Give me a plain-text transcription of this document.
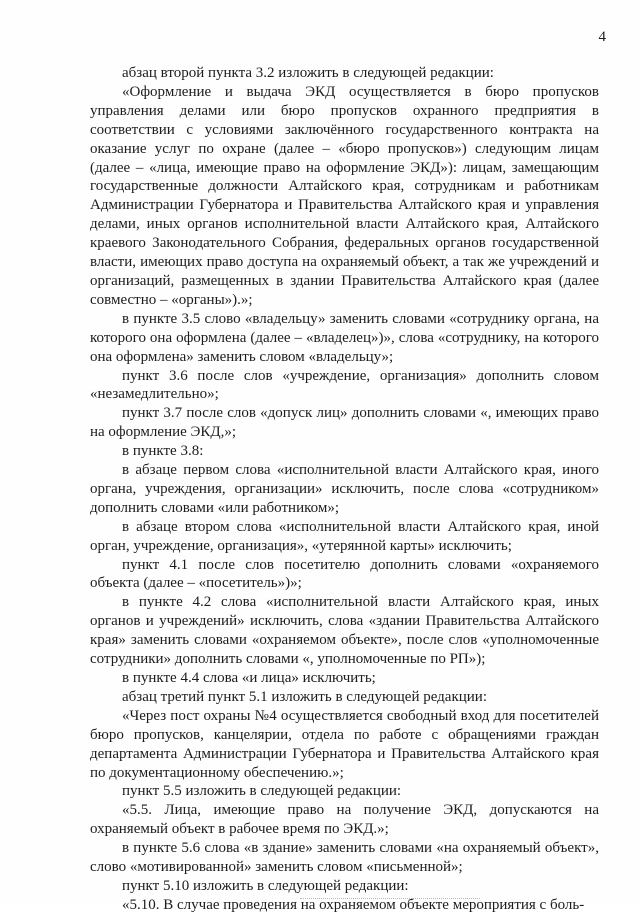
4

абзац второй пункта 3.2 изложить в следующей редакции:

«Оформление и выдача ЭКД осуществляется в бюро пропусков управления делами или бюро пропусков охранного предприятия в соответствии с условиями заключённого государственного контракта на оказание услуг по охране (далее – «бюро пропусков») следующим лицам (далее – «лица, имеющие право на оформление ЭКД»): лицам, замещающим государственные должности Алтайского края, сотрудникам и работникам Администрации Губернатора и Правительства Алтайского края и управления делами, иных органов исполнительной власти Алтайского края, Алтайского краевого Законодательного Собрания, федеральных органов государственной власти, имеющих право доступа на охраняемый объект, а так же учреждений и организаций, размещенных в здании Правительства Алтайского края (далее совместно – «органы»).»;

в пункте 3.5 слово «владельцу» заменить словами «сотруднику органа, на которого она оформлена (далее – «владелец»)», слова «сотруднику, на которого она оформлена» заменить словом «владельцу»;

пункт 3.6 после слов «учреждение, организация» дополнить словом «незамедлительно»;

пункт 3.7 после слов «допуск лиц» дополнить словами «, имеющих право на оформление ЭКД,»;

в пункте 3.8:

в абзаце первом слова «исполнительной власти Алтайского края, иного органа, учреждения, организации» исключить, после слова «сотрудником» дополнить словами «или работником»;

в абзаце втором слова «исполнительной власти Алтайского края, иной орган, учреждение, организация», «утерянной карты» исключить;

пункт 4.1 после слов посетителю дополнить словами «охраняемого объекта (далее – «посетитель»)»;

в пункте 4.2 слова «исполнительной власти Алтайского края, иных органов и учреждений» исключить, слова «здании Правительства Алтайского края» заменить словами «охраняемом объекте», после слов «уполномоченные сотрудники» дополнить словами «, уполномоченные по РП»);

в пункте 4.4 слова «и лица» исключить;

абзац третий пункт 5.1 изложить в следующей редакции:

«Через пост охраны №4 осуществляется свободный вход для посетителей бюро пропусков, канцелярии, отдела по работе с обращениями граждан департамента Администрации Губернатора и Правительства Алтайского края по документационному обеспечению.»;

пункт 5.5 изложить в следующей редакции:

«5.5. Лица, имеющие право на получение ЭКД, допускаются на охраняемый объект в рабочее время по ЭКД.»;

в пункте 5.6 слова «в здание» заменить словами «на охраняемый объект», слово «мотивированной» заменить словом «письменной»;

пункт 5.10 изложить в следующей редакции:

«5.10. В случае проведения на охраняемом объекте мероприятия с боль-
